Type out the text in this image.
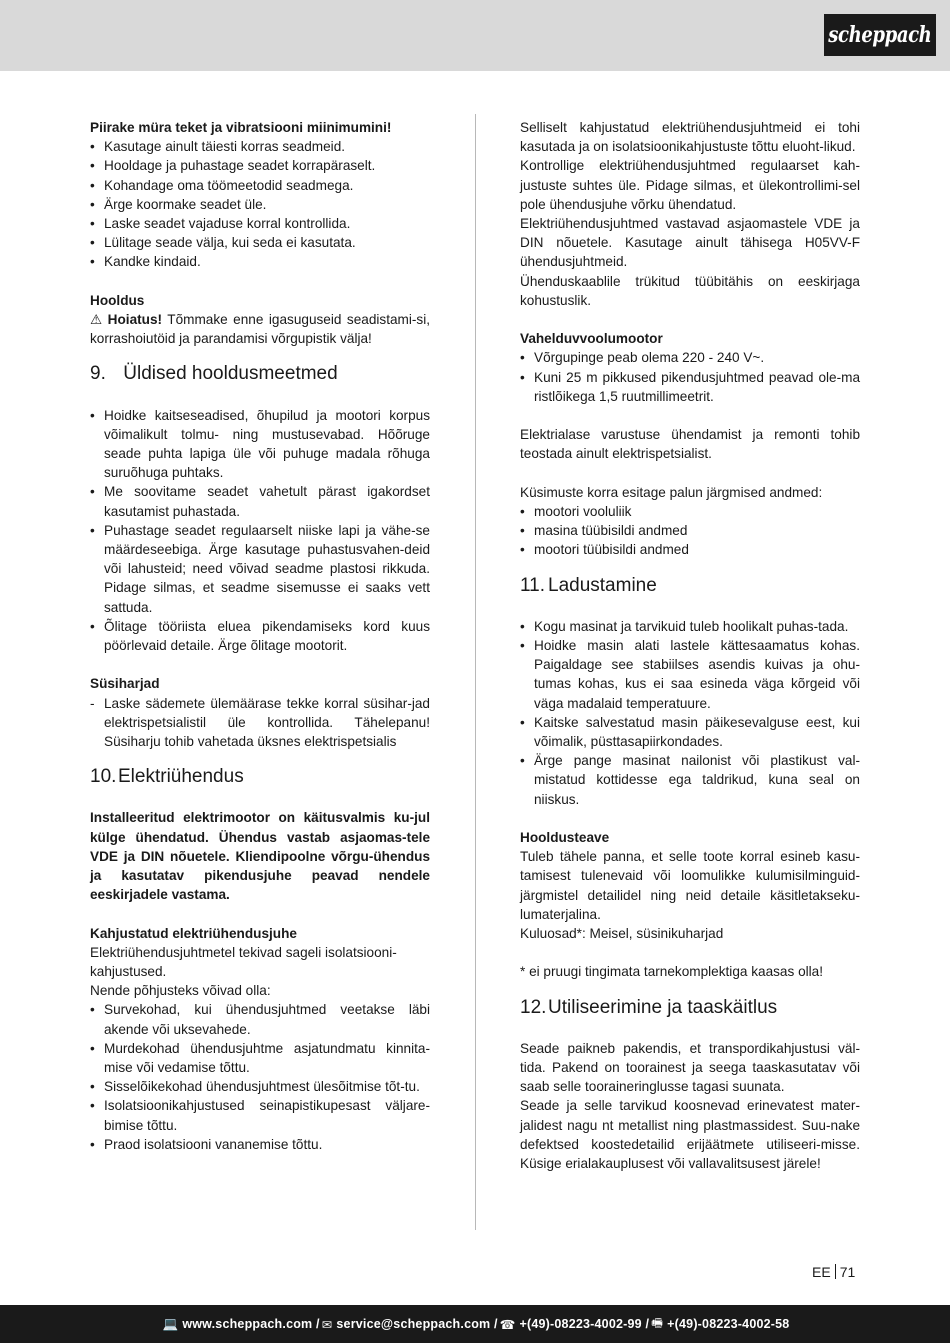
scheppach

Piirake müra teket ja vibratsiooni miinimumini!

• Kasutage ainult täiesti korras seadmeid.
• Hooldage ja puhastage seadet korrapäraselt.
• Kohandage oma töömeetodid seadmega.
• Ärge koormake seadet üle.
• Laske seadet vajaduse korral kontrollida.
• Lülitage seade välja, kui seda ei kasutata.
• Kandke kindaid.

Hooldus

⚠ Hoiatus! Tõmmake enne igasuguseid seadistami-si, korrashoiutöid ja parandamisi võrgupistik välja!

9. Üldised hooldusmeetmed
• Hoidke kaitseseadised, õhupilud ja mootori korpus võimalikult tolmu- ning mustusevabad. Hõõruge seade puhta lapiga üle või puhuge madala rõhuga suruõhuga puhtaks.
• Me soovitame seadet vahetult pärast igakordset kasutamist puhastada.
• Puhastage seadet regulaarselt niiske lapi ja vähe-se määrdeseebiga. Ärge kasutage puhastusvahen-deid või lahusteid; need võivad seadme plastosi rikkuda. Pidage silmas, et seadme sisemusse ei saaks vett sattuda.
• Õlitage tööriista eluea pikendamiseks kord kuus pöörlevaid detaile. Ärge õlitage mootorit.

Süsiharjad

- Laske sädemete ülemäärase tekke korral süsihar-jad elektrispetsialistil üle kontrollida. Tähelepanu! Süsiharju tohib vahetada üksnes elektrispetsialis
10.Elektriühendus

Installeeritud elektrimootor on käitusvalmis ku-jul külge ühendatud. Ühendus vastab asjaomas-tele VDE ja DIN nõuetele. Kliendipoolne võrgu-ühendus ja kasutatav pikendusjuhe peavad nendele eeskirjadele vastama.

Kahjustatud elektriühendusjuhe

Elektriühendusjuhtmetel tekivad sageli isolatsiooni-kahjustused.

Nende põhjusteks võivad olla:

• Survekohad, kui ühendusjuhtmed veetakse läbi akende või uksevahede.
• Murdekohad ühendusjuhtme asjatundmatu kinnita-mise või vedamise tõttu.
• Sisselõikekohad ühendusjuhtmest ülesõitmise tõt-tu.
• Isolatsioonikahjustused seinapistikupesast väljare-bimise tõttu.
• Praod isolatsiooni vananemise tõttu.

Selliselt kahjustatud elektriühendusjuhtmeid ei tohi kasutada ja on isolatsioonikahjustuste tõttu eluoht-likud.

Kontrollige elektriühendusjuhtmed regulaarset kah-justuste suhtes üle. Pidage silmas, et ülekontrollimi-sel pole ühendusjuhe võrku ühendatud.

Elektriühendusjuhtmed vastavad asjaomastele VDE ja DIN nõuetele. Kasutage ainult tähisega H05VV-F ühendusjuhtmeid.

Ühenduskaablile trükitud tüübitähis on eeskirjaga kohustuslik.

Vahelduvvoolumootor

• Võrgupinge peab olema 220 - 240 V~.
• Kuni 25 m pikkused pikendusjuhtmed peavad ole-ma ristlõikega 1,5 ruutmillimeetrit.

Elektrialase varustuse ühendamist ja remonti tohib teostada ainult elektrispetsialist.

Küsimuste korra esitage palun järgmised andmed:

• mootori vooluliik
• masina tüübisildi andmed
• mootori tüübisildi andmed
11. Ladustamine
• Kogu masinat ja tarvikuid tuleb hoolikalt puhas-tada.
• Hoidke masin alati lastele kättesaamatus kohas. Paigaldage see stabiilses asendis kuivas ja ohu-tumas kohas, kus ei saa esineda väga kõrgeid või väga madalaid temperatuure.
• Kaitske salvestatud masin päikesevalguse eest, kui võimalik, püsttasapiirkondades.
• Ärge pange masinat nailonist või plastikust val-mistatud kottidesse ega taldrikud, kuna seal on niiskus.

Hooldusteave

Tuleb tähele panna, et selle toote korral esineb kasu-tamisest tulenevaid või loomulikke kulumisilminguid-järgmistel detailidel ning neid detaile käsitletakseku-lumaterjalina.

Kuluosad*: Meisel, süsinikuharjad

* ei pruugi tingimata tarnekomplektiga kaasas olla!

12.Utiliseerimine ja taaskäitlus

Seade paikneb pakendis, et transpordikahjustusi väl-tida. Pakend on toorainest ja seega taaskasutatav või saab selle tooraineringlusse tagasi suunata.

Seade ja selle tarvikud koosnevad erinevatest mater-jalidest nagu nt metallist ning plastmassidest. Suu-nake defektsed koostedetailid erijäätmete utiliseeri-misse. Küsige erialakauplusest või vallavalitsusest järele!

EE 71
💻 www.scheppach.com / ✉ service@scheppach.com / ☎ +(49)-08223-4002-99 / 🖷 +(49)-08223-4002-58
